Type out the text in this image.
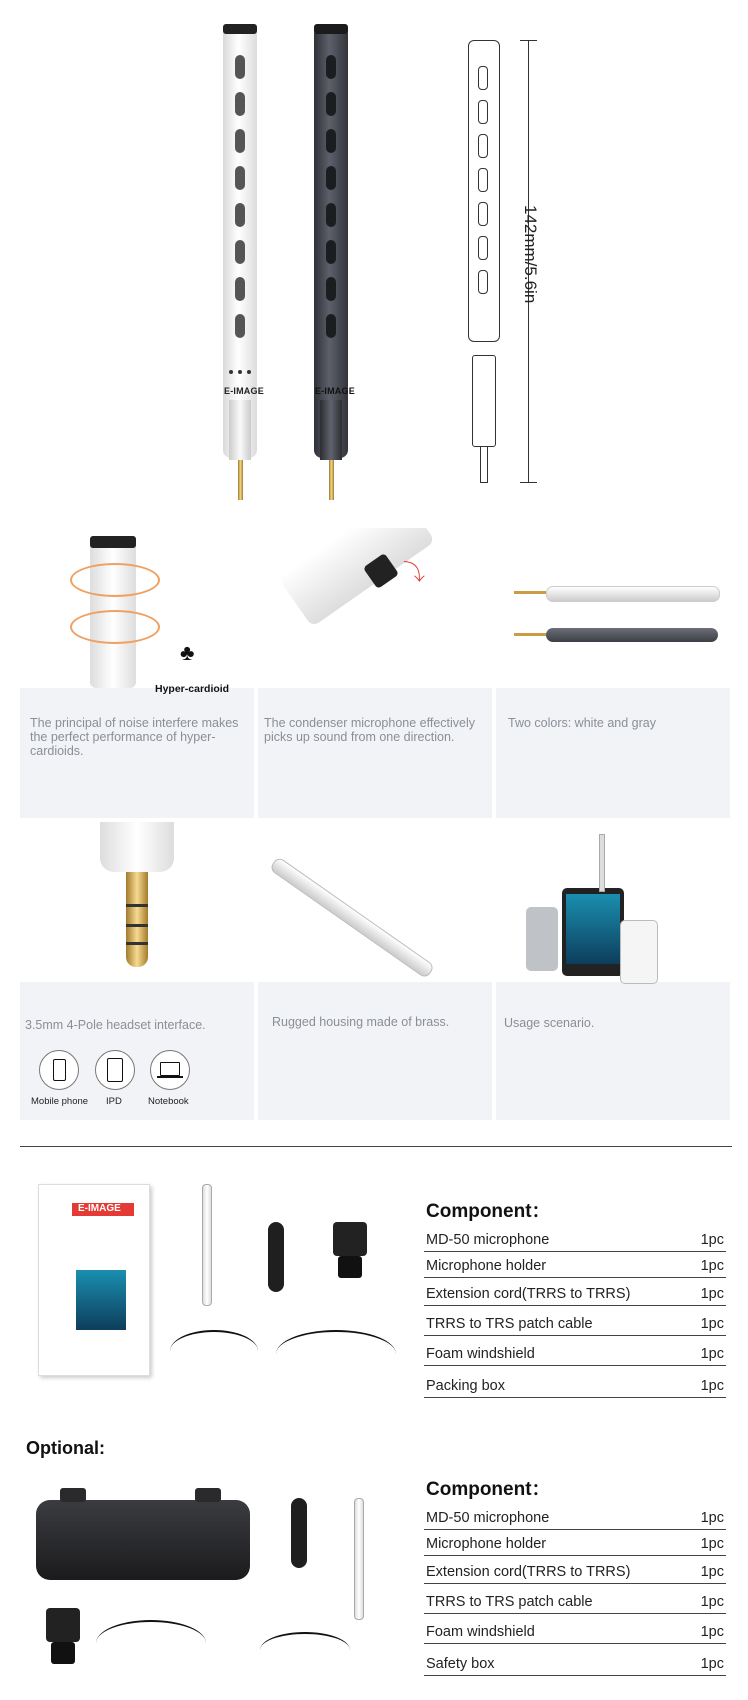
E-IMAGE	E-IMAGE
142mm/5.6in
♣
Hyper-cardioid
The principal of noise interfere makes the perfect performance of hyper-cardioids.
⤵
The condenser microphone effectively picks up sound from one direction.
Two colors: white and gray
3.5mm 4-Pole headset interface.
Mobile phone IPD	Notebook
Rugged housing made of brass.	Usage scenario.
E-IMAGE	Component：
MD-50 microphone	1pc
Microphone holder	1pc
Extension cord(TRRS to TRRS)	1pc
TRRS to TRS patch cable	1pc
Foam windshield	1pc
Packing box	1pc
Optional:
Component：
MD-50 microphone	1pc
Microphone holder	1pc
Extension cord(TRRS to TRRS)	1pc
TRRS to TRS patch cable	1pc
Foam windshield	1pc
Safety box	1pc
